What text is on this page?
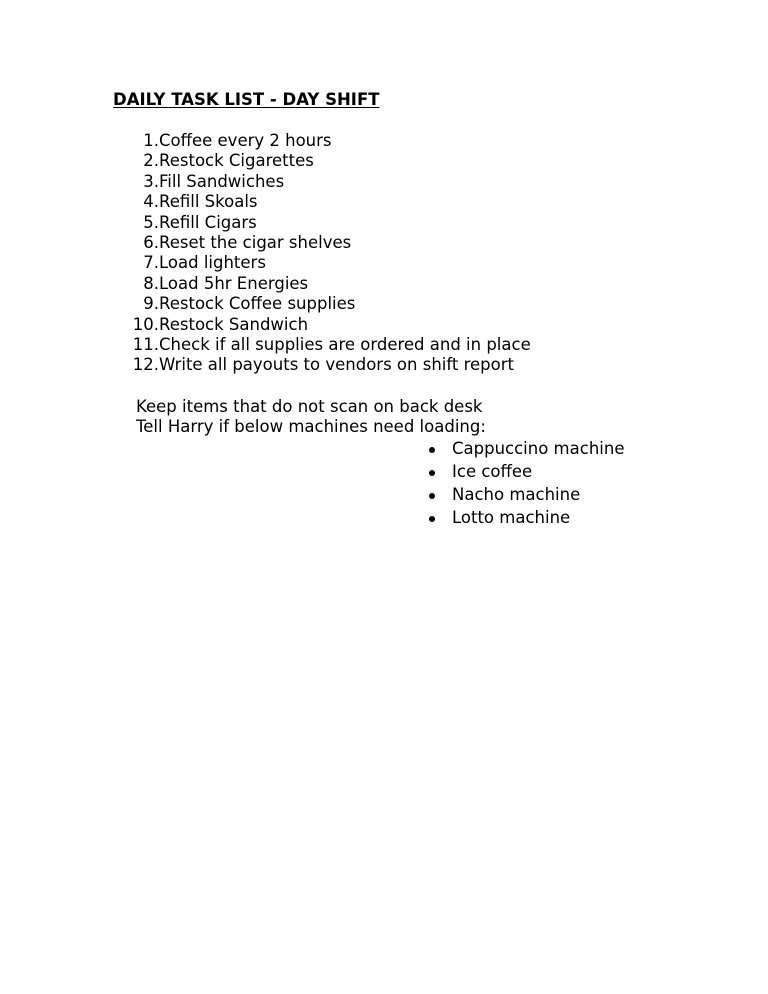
DAILY TASK LIST - DAY SHIFT
1. Coffee every 2 hours
2. Restock Cigarettes
3. Fill Sandwiches
4. Refill Skoals
5. Refill Cigars
6. Reset the cigar shelves
7. Load lighters
8. Load 5hr Energies
9. Restock Coffee supplies
10. Restock Sandwich
11. Check if all supplies are ordered and in place
12. Write all payouts to vendors on shift report
Keep items that do not scan on back desk
Tell Harry if below machines need loading:
Cappuccino machine
Ice coffee
Nacho machine
Lotto machine
